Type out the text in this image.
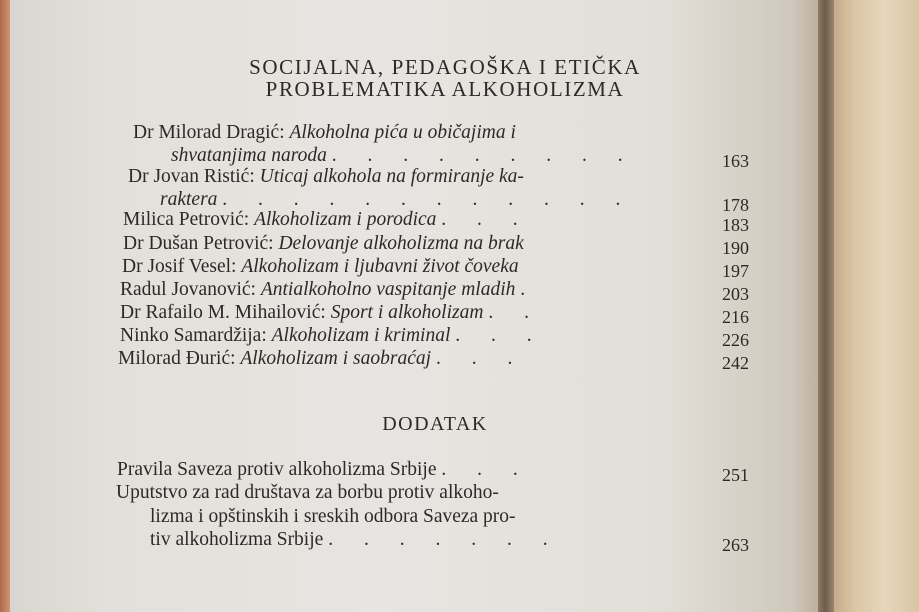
SOCIJALNA, PEDAGOŠKA I ETIČKA
PROBLEMATIKA ALKOHOLIZMA
Dr Milorad Dragić: Alkoholna pića u običajima i
shvatanjima naroda . . . . . . . . .	163
Dr Jovan Ristić: Uticaj alkohola na formiranje ka-
raktera . . . . . . . . . . . .	178
Milica Petrović: Alkoholizam i porodica . . .	183
Dr Dušan Petrović: Delovanje alkoholizma na brak	190
Dr Josif Vesel: Alkoholizam i ljubavni život čoveka	197
Radul Jovanović: Antialkoholno vaspitanje mladih .	203
Dr Rafailo M. Mihailović: Sport i alkoholizam . .	216
Ninko Samardžija: Alkoholizam i kriminal . . .	226
Milorad Đurić: Alkoholizam i saobraćaj . . .	242
DODATAK
Pravila Saveza protiv alkoholizma Srbije . . .	251
Uputstvo za rad društava za borbu protiv alkoho-
lizma i opštinskih i sreskih odbora Saveza pro-
tiv alkoholizma Srbije . . . . . . .	263
